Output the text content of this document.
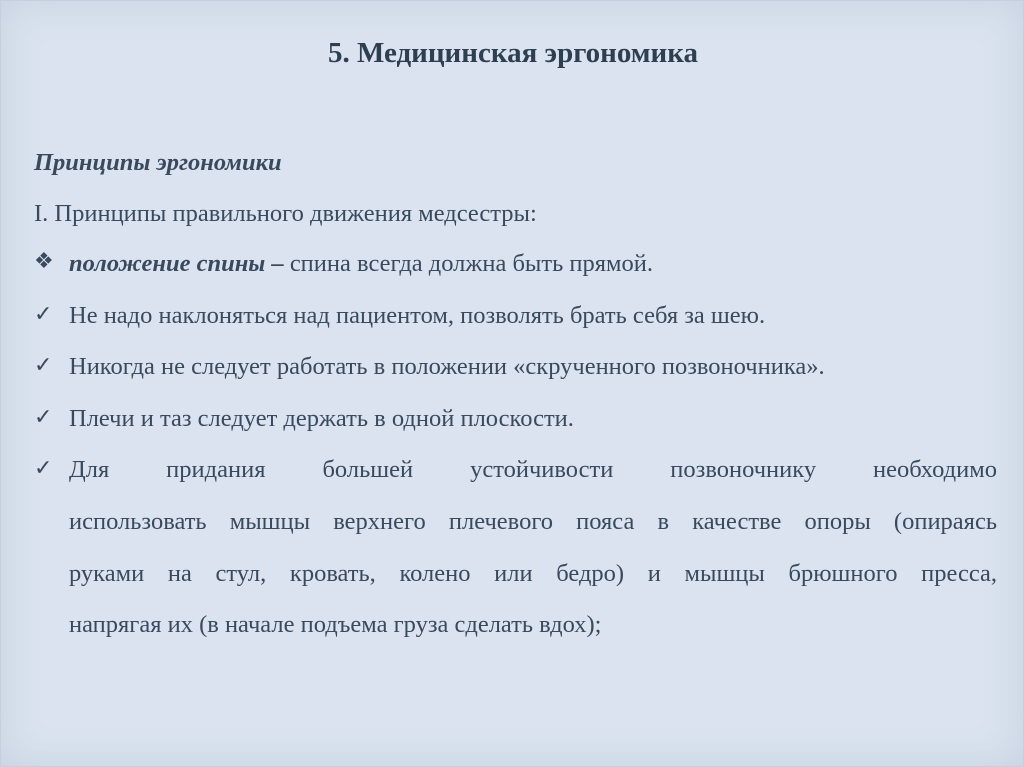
5. Медицинская эргономика
Принципы эргономики
I. Принципы правильного движения медсестры:
❖ положение спины – спина всегда должна быть прямой.
✓ Не надо наклоняться над пациентом, позволять брать себя за шею.
✓ Никогда не следует работать в положении «скрученного позвоночника».
✓ Плечи и таз следует держать в одной плоскости.
✓ Для придания большей устойчивости позвоночнику необходимо
использовать мышцы верхнего плечевого пояса в качестве опоры (опираясь
руками на стул, кровать, колено или бедро) и мышцы брюшного пресса,
напрягая их (в начале подъема груза сделать вдох);
